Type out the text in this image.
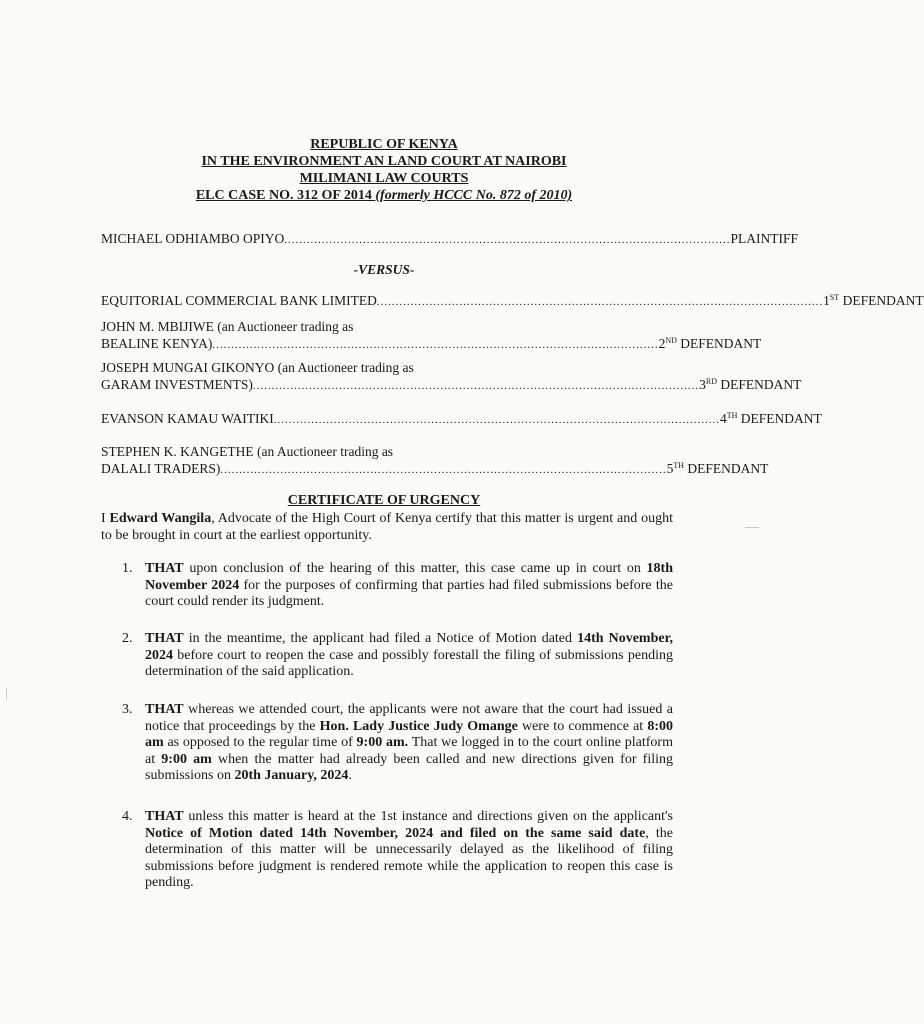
REPUBLIC OF KENYA
IN THE ENVIRONMENT AN LAND COURT AT NAIROBI
MILIMANI LAW COURTS
ELC CASE NO. 312 OF 2014 (formerly HCCC No. 872 of 2010)
MICHAEL ODHIAMBO OPIYO ....................................................................................................................... PLAINTIFF
-VERSUS-
EQUITORIAL COMMERCIAL BANK LIMITED ....................................................................................................................... 1ST DEFENDANT
JOHN M. MBIJIWE (an Auctioneer trading as
BEALINE KENYA) ....................................................................................................................... 2ND DEFENDANT
JOSEPH MUNGAI GIKONYO (an Auctioneer trading as
GARAM INVESTMENTS) ....................................................................................................................... 3RD DEFENDANT
EVANSON KAMAU WAITIKI ....................................................................................................................... 4TH DEFENDANT
STEPHEN K. KANGETHE (an Auctioneer trading as
DALALI TRADERS) ....................................................................................................................... 5TH DEFENDANT
CERTIFICATE OF URGENCY
I Edward Wangila, Advocate of the High Court of Kenya certify that this matter is urgent and ought to be brought in court at the earliest opportunity.
1. THAT upon conclusion of the hearing of this matter, this case came up in court on 18th November 2024 for the purposes of confirming that parties had filed submissions before the court could render its judgment.
2. THAT in the meantime, the applicant had filed a Notice of Motion dated 14th November, 2024 before court to reopen the case and possibly forestall the filing of submissions pending determination of the said application.
3. THAT whereas we attended court, the applicants were not aware that the court had issued a notice that proceedings by the Hon. Lady Justice Judy Omange were to commence at 8:00 am as opposed to the regular time of 9:00 am. That we logged in to the court online platform at 9:00 am when the matter had already been called and new directions given for filing submissions on 20th January, 2024.
4. THAT unless this matter is heard at the 1st instance and directions given on the applicant's Notice of Motion dated 14th November, 2024 and filed on the same said date, the determination of this matter will be unnecessarily delayed as the likelihood of filing submissions before judgment is rendered remote while the application to reopen this case is pending.
